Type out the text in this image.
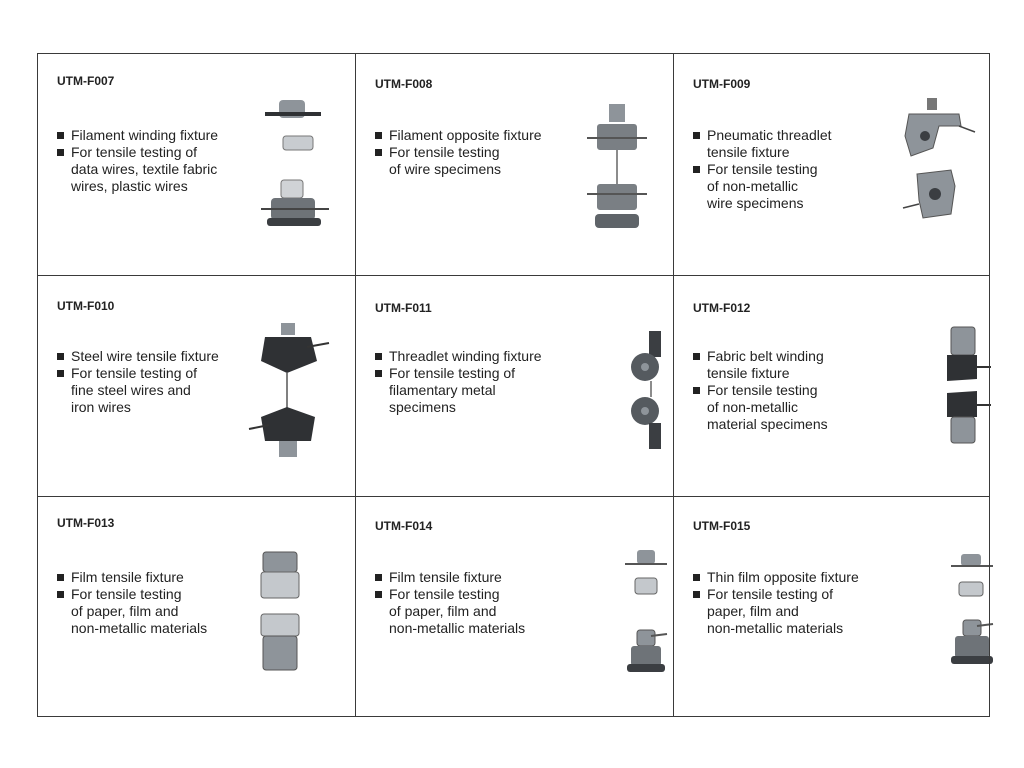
UTM-F007
Filament winding fixture
For tensile testing of
data wires, textile fabric
wires, plastic wires
UTM-F008
Filament opposite fixture
For tensile testing
of wire specimens
UTM-F009
Pneumatic threadlet
tensile fixture
For tensile testing
of non-metallic
wire specimens
UTM-F010
Steel wire tensile fixture
For tensile testing of
fine steel wires and
iron wires
UTM-F011
Threadlet winding fixture
For tensile testing of
filamentary metal
specimens
UTM-F012
Fabric belt winding
tensile fixture
For tensile testing
of non-metallic
material specimens
UTM-F013
Film tensile fixture
For tensile testing
of paper, film and
non-metallic materials
UTM-F014
Film tensile fixture
For tensile testing
of paper, film and
non-metallic materials
UTM-F015
Thin film opposite fixture
For tensile testing of
paper, film and
non-metallic materials
